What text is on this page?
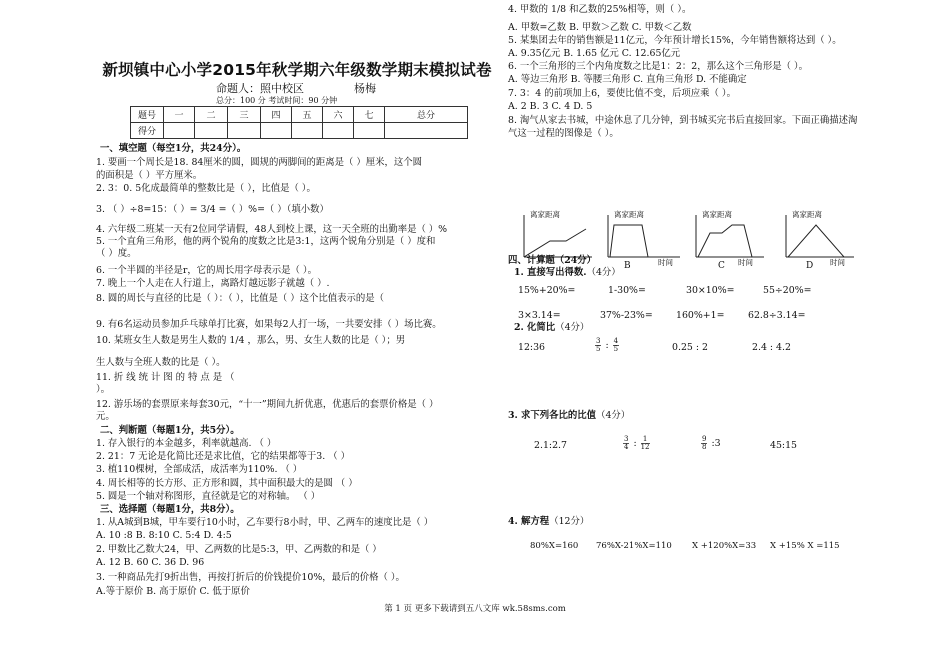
新坝镇中心小学2015年秋学期六年级数学期末模拟试卷
命题人：照中校区	杨梅
总分：100 分 考试时间：90 分钟
题号	一	二	三	四	五	六	七	总分
得分								
一、填空题（每空1分，共24分）。
1. 要画一个周长是18. 84厘米的圆，圆规的两脚间的距离是（ ）厘米，这个圆
的面积是（ ）平方厘米。
2. 3：0. 5化成最简单的整数比是（ ），比值是（ ）。
3. （ ）÷8=15：（ ）= 3/4 =（ ）%=（ ）（填小数）
4. 六年级二班某一天有2位同学请假，48人到校上课，这一天全班的出勤率是（ ）%
5. 一个直角三角形，他的两个锐角的度数之比是3:1，这两个锐角分别是（ ）度和
（ ）度。
6. 一个半圆的半径是r，它的周长用字母表示是（ ）。
7. 晚上一个人走在人行道上，离路灯越远影子就越（ ）.
8. 圆的周长与直径的比是（ ）：（ ），比值是（ ）这个比值表示的是（
9. 有6名运动员参加乒乓球单打比赛，如果每2人打一场，一共要安排（ ）场比赛。
10. 某班女生人数是男生人数的 1/4 ，那么，男、女生人数的比是（ ）；男
生人数与全班人数的比是（ ）。
11. 折 线 统 计 图 的 特 点 是 （
）。
12. 游乐场的套票原来每套30元，“十一”期间九折优惠，优惠后的套票价格是（ ）
元。
二、判断题（每题1分，共5分）。
1. 存入银行的本金越多，利率就越高. （ ）
2. 21：7 无论是化简比还是求比值，它的结果都等于3. （ ）
3. 植110棵树，全部成活，成活率为110%. （ ）
4. 周长相等的长方形、正方形和圆，其中面积最大的是圆 （ ）
5. 圆是一个轴对称图形，直径就是它的对称轴。 （ ）
三、选择题（每题1分，共8分）。
1. 从A城到B城，甲车要行10小时，乙车要行8小时，甲、乙两车的速度比是（ ）
A. 10 :8 B. 8:10 C. 5:4 D. 4:5
2. 甲数比乙数大24，甲、乙两数的比是5:3，甲、乙两数的和是（ ）
A. 12 B. 60 C. 36 D. 96
3. 一种商品先打9折出售，再按打折后的价钱提价10%，最后的价格（ ）。
A.等于原价 B. 高于原价 C. 低于原价
4. 甲数的 1/8 和乙数的25%相等，则（ ）。
A. 甲数=乙数 B. 甲数＞乙数 C. 甲数＜乙数
5. 某集团去年的销售额是11亿元，今年预计增长15%，今年销售额将达到（ ）。
A. 9.35亿元 B. 1.65 亿元 C. 12.65亿元
6. 一个三角形的三个内角度数之比是1：2：2，那么这个三角形是（ ）。
A. 等边三角形 B. 等腰三角形 C. 直角三角形 D. 不能确定
7. 3：4 的前项加上6，要使比值不变，后项应乘（ ）。
A. 2 B. 3 C. 4 D. 5
8. 淘气从家去书城，中途休息了几分钟，到书城买完书后直接回家。下面正确描述淘
气这一过程的图像是（ ）。
离家距离	离家距离
时间
B
离家距离
时间
C
离家距离
时间
D
四、计算题（24分）
1. 直接写出得数.（4分）
15%+20%=	1-30%=	30×10%=	55÷20%=
3×3.14=	37%-23%= 160%+1=	62.8÷3.14=
2. 化简比（4分）
12:36	$\frac{3}{5}$ : $\frac{4}{5}$	0.25 : 2	2.4 : 4.2
3. 求下列各比的比值（4分）
2.1:2.7	$\frac{3}{4}$ : $\frac{1}{12}$	$\frac{9}{8}$ :3	45:15
4. 解方程（12分）
80%X=160 76%X-21%X=110 X +120%X=33 X +15% X =115
第 1 页 更多下载请到五八文库 wk.58sms.com
